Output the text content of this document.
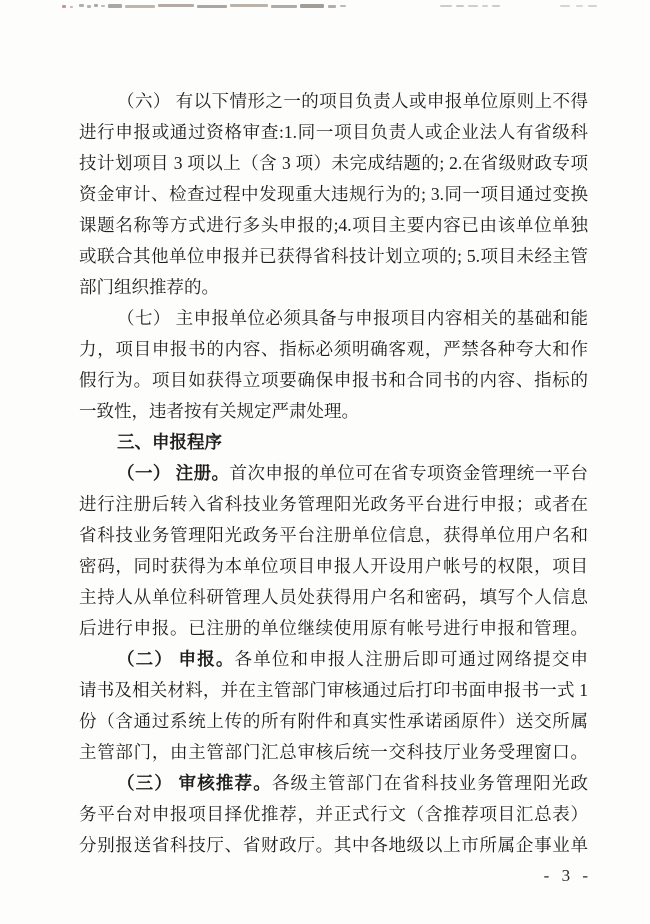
（六） 有以下情形之一的项目负责人或申报单位原则上不得
进行申报或通过资格审查:1.同一项目负责人或企业法人有省级科
技计划项目 3 项以上（含 3 项）未完成结题的; 2.在省级财政专项
资金审计、检查过程中发现重大违规行为的; 3.同一项目通过变换
课题名称等方式进行多头申报的;4.项目主要内容已由该单位单独
或联合其他单位申报并已获得省科技计划立项的; 5.项目未经主管
部门组织推荐的。
（七） 主申报单位必须具备与申报项目内容相关的基础和能
力，项目申报书的内容、指标必须明确客观，严禁各种夸大和作
假行为。项目如获得立项要确保申报书和合同书的内容、指标的
一致性，违者按有关规定严肃处理。
三、申报程序
（一） 注册。首次申报的单位可在省专项资金管理统一平台
进行注册后转入省科技业务管理阳光政务平台进行申报；或者在
省科技业务管理阳光政务平台注册单位信息，获得单位用户名和
密码，同时获得为本单位项目申报人开设用户帐号的权限，项目
主持人从单位科研管理人员处获得用户名和密码，填写个人信息
后进行申报。已注册的单位继续使用原有帐号进行申报和管理。
（二） 申报。各单位和申报人注册后即可通过网络提交申
请书及相关材料，并在主管部门审核通过后打印书面申报书一式 1
份（含通过系统上传的所有附件和真实性承诺函原件）送交所属
主管部门，由主管部门汇总审核后统一交科技厅业务受理窗口。
（三） 审核推荐。各级主管部门在省科技业务管理阳光政
务平台对申报项目择优推荐，并正式行文（含推荐项目汇总表）
分别报送省科技厅、省财政厅。其中各地级以上市所属企事业单
- 3 -
